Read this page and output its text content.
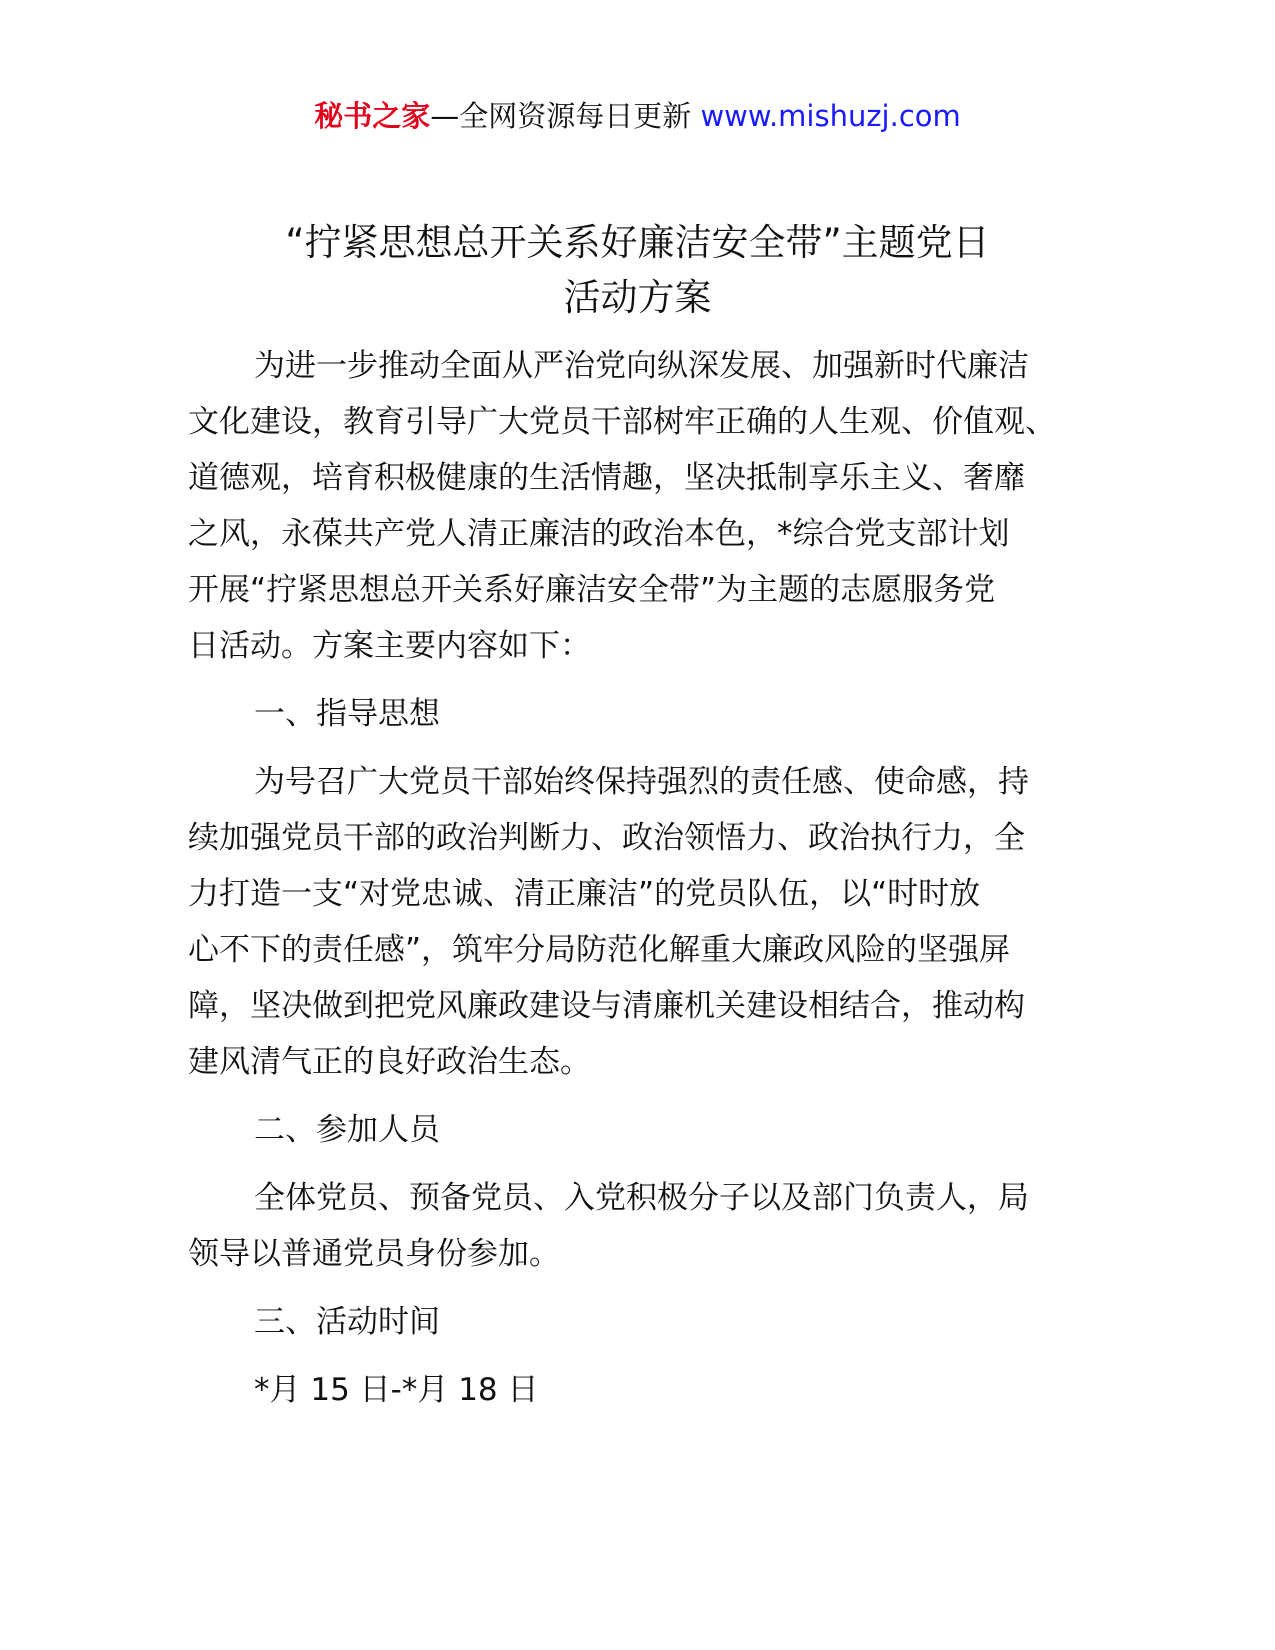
秘书之家—全网资源每日更新 www.mishuzj.com
“拧紧思想总开关系好廉洁安全带”主题党日
活动方案
为进一步推动全面从严治党向纵深发展、加强新时代廉洁
文化建设，教育引导广大党员干部树牢正确的人生观、价值观、
道德观，培育积极健康的生活情趣，坚决抵制享乐主义、奢靡
之风，永葆共产党人清正廉洁的政治本色，*综合党支部计划
开展“拧紧思想总开关系好廉洁安全带”为主题的志愿服务党
日活动。方案主要内容如下：
一、指导思想
为号召广大党员干部始终保持强烈的责任感、使命感，持
续加强党员干部的政治判断力、政治领悟力、政治执行力，全
力打造一支“对党忠诚、清正廉洁”的党员队伍，以“时时放
心不下的责任感”，筑牢分局防范化解重大廉政风险的坚强屏
障，坚决做到把党风廉政建设与清廉机关建设相结合，推动构
建风清气正的良好政治生态。
二、参加人员
全体党员、预备党员、入党积极分子以及部门负责人，局
领导以普通党员身份参加。
三、活动时间
*月 15 日-*月 18 日
